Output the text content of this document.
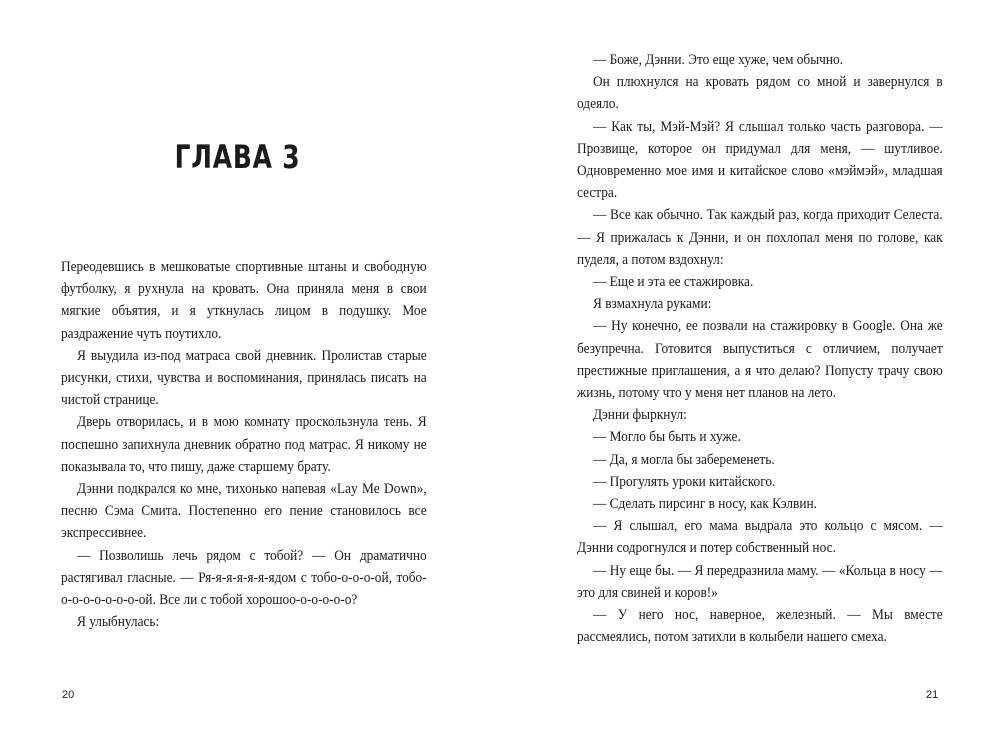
ГЛАВА 3

Переодевшись в мешковатые спортивные штаны и свободную футболку, я рухнула на кровать. Она приняла меня в свои мягкие объятия, и я уткнулась лицом в подушку. Мое раздражение чуть поутихло.

Я выудила из-под матраса свой дневник. Пролистав старые рисунки, стихи, чувства и воспоминания, принялась писать на чистой странице.

Дверь отворилась, и в мою комнату проскользнула тень. Я поспешно запихнула дневник обратно под матрас. Я никому не показывала то, что пишу, даже старшему брату.

Дэнни подкрался ко мне, тихонько напевая «Lay Me Down», песню Сэма Смита. Постепенно его пение становилось все экспрессивнее.

— Позволишь лечь рядом с тобой? — Он драматично растягивал гласные. — Ря-я-я-я-я-я-ядом с тобо-о-о-о-ой, тобо-о-о-о-о-о-о-о-ой. Все ли с тобой хорошоо-о-о-о-о-о?

Я улыбнулась:

20	21

— Боже, Дэнни. Это еще хуже, чем обычно.

Он плюхнулся на кровать рядом со мной и завернулся в одеяло.

— Как ты, Мэй-Мэй? Я слышал только часть разговора. — Прозвище, которое он придумал для меня, — шутливое. Одновременно мое имя и китайское слово «мэймэй», младшая сестра.

— Все как обычно. Так каждый раз, когда приходит Селеста. — Я прижалась к Дэнни, и он похлопал меня по голове, как пуделя, а потом вздохнул:

— Еще и эта ее стажировка.

Я взмахнула руками:

— Ну конечно, ее позвали на стажировку в Google. Она же безупречна. Готовится выпуститься с отличием, получает престижные приглашения, а я что делаю? Попусту трачу свою жизнь, потому что у меня нет планов на лето.

Дэнни фыркнул:

— Могло бы быть и хуже.

— Да, я могла бы забеременеть.

— Прогулять уроки китайского.

— Сделать пирсинг в носу, как Кэлвин.

— Я слышал, его мама выдрала это кольцо с мясом. — Дэнни содрогнулся и потер собственный нос.

— Ну еще бы. — Я передразнила маму. — «Кольца в носу — это для свиней и коров!»

— У него нос, наверное, железный. — Мы вместе рассмеялись, потом затихли в колыбели нашего смеха.
